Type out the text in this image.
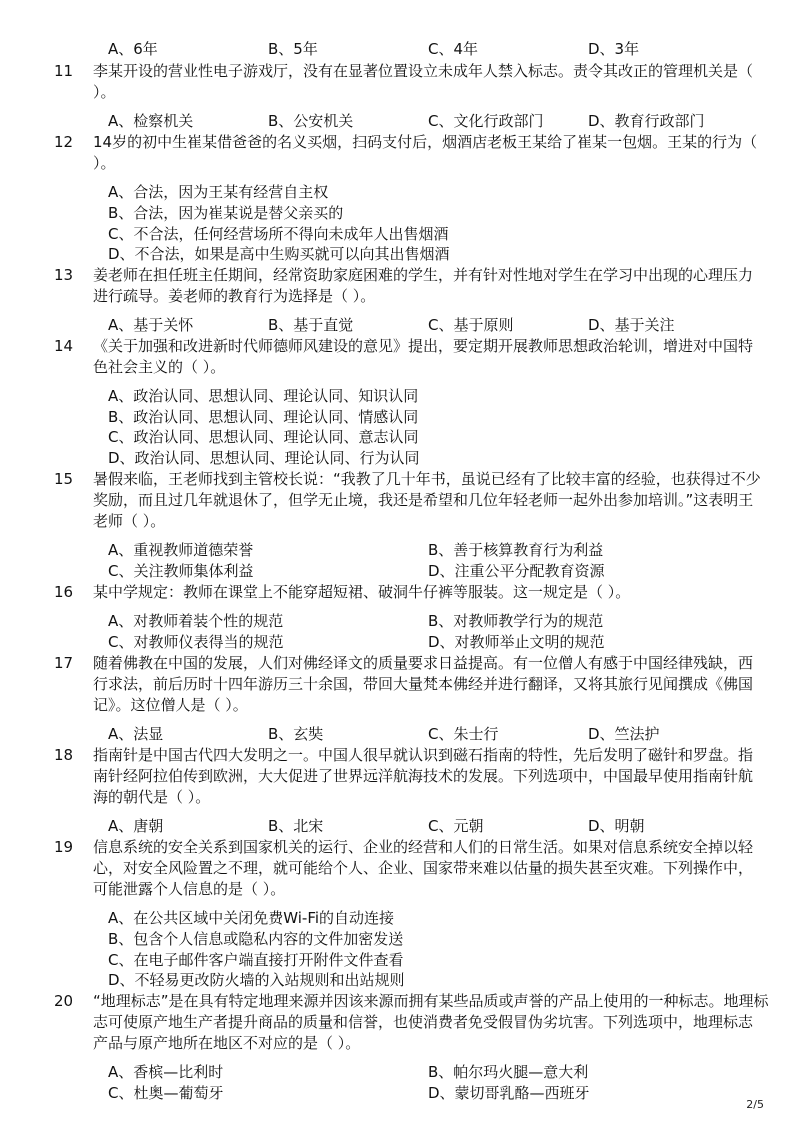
A、6年	B、5年	C、4年	D、3年
11 李某开设的营业性电子游戏厅，没有在显著位置设立未成年人禁入标志。责令其改正的管理机关是（
）。
A、检察机关	B、公安机关	C、文化行政部门	D、教育行政部门
12 14岁的初中生崔某借爸爸的名义买烟，扫码支付后，烟酒店老板王某给了崔某一包烟。王某的行为（
）。
A、合法，因为王某有经营自主权
B、合法，因为崔某说是替父亲买的
C、不合法，任何经营场所不得向未成年人出售烟酒
D、不合法，如果是高中生购买就可以向其出售烟酒
13 姜老师在担任班主任期间，经常资助家庭困难的学生，并有针对性地对学生在学习中出现的心理压力
进行疏导。姜老师的教育行为选择是（ ）。
A、基于关怀	B、基于直觉	C、基于原则	D、基于关注
14 《关于加强和改进新时代师德师风建设的意见》提出，要定期开展教师思想政治轮训，增进对中国特
色社会主义的（ ）。
A、政治认同、思想认同、理论认同、知识认同
B、政治认同、思想认同、理论认同、情感认同
C、政治认同、思想认同、理论认同、意志认同
D、政治认同、思想认同、理论认同、行为认同
15 暑假来临，王老师找到主管校长说：“我教了几十年书，虽说已经有了比较丰富的经验，也获得过不少
奖励，而且过几年就退休了，但学无止境，我还是希望和几位年轻老师一起外出参加培训。”这表明王
老师（ ）。
A、重视教师道德荣誉	B、善于核算教育行为利益
C、关注教师集体利益	D、注重公平分配教育资源
16 某中学规定：教师在课堂上不能穿超短裙、破洞牛仔裤等服装。这一规定是（ ）。
A、对教师着装个性的规范	B、对教师教学行为的规范
C、对教师仪表得当的规范	D、对教师举止文明的规范
17 随着佛教在中国的发展，人们对佛经译文的质量要求日益提高。有一位僧人有感于中国经律残缺，西
行求法，前后历时十四年游历三十余国，带回大量梵本佛经并进行翻译，又将其旅行见闻撰成《佛国
记》。这位僧人是（ ）。
A、法显	B、玄奘	C、朱士行	D、竺法护
18 指南针是中国古代四大发明之一。中国人很早就认识到磁石指南的特性，先后发明了磁针和罗盘。指
南针经阿拉伯传到欧洲，大大促进了世界远洋航海技术的发展。下列选项中，中国最早使用指南针航
海的朝代是（ ）。
A、唐朝	B、北宋	C、元朝	D、明朝
19 信息系统的安全关系到国家机关的运行、企业的经营和人们的日常生活。如果对信息系统安全掉以轻
心，对安全风险置之不理，就可能给个人、企业、国家带来难以估量的损失甚至灾难。下列操作中，
可能泄露个人信息的是（ ）。
A、在公共区域中关闭免费Wi-Fi的自动连接
B、包含个人信息或隐私内容的文件加密发送
C、在电子邮件客户端直接打开附件文件查看
D、不轻易更改防火墙的入站规则和出站规则
20 “地理标志”是在具有特定地理来源并因该来源而拥有某些品质或声誉的产品上使用的一种标志。地理标
志可使原产地生产者提升商品的质量和信誉，也使消费者免受假冒伪劣坑害。下列选项中，地理标志
产品与原产地所在地区不对应的是（ ）。
A、香槟—比利时	B、帕尔玛火腿—意大利
C、杜奥—葡萄牙	D、蒙切哥乳酪—西班牙
2/5
